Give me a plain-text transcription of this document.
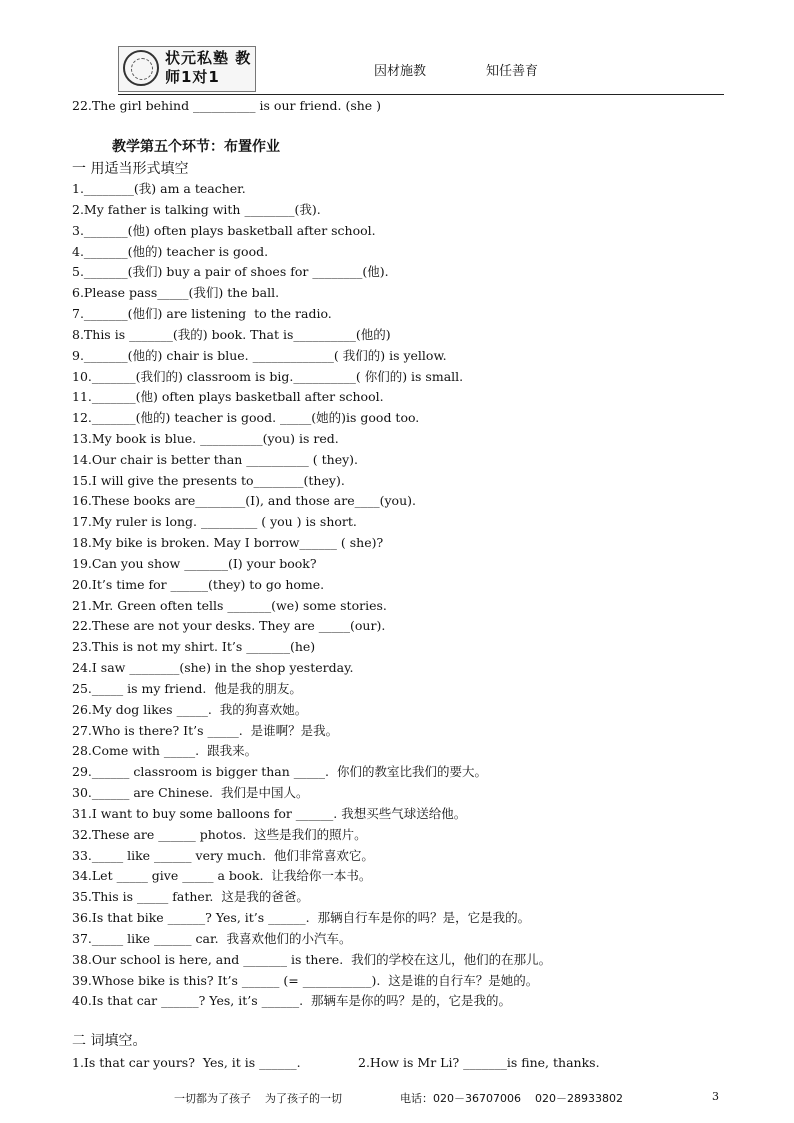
状元私塾 教师1对1	因材施教	知任善育
22.The girl behind __________ is our friend. (she )
教学第五个环节：布置作业
一 用适当形式填空
1.________(我) am a teacher.
2.My father is talking with ________(我).
3._______(他) often plays basketball after school.
4._______(他的) teacher is good.
5._______(我们) buy a pair of shoes for ________(他).
6.Please pass_____(我们) the ball.
7._______(他们) are listening  to the radio.
8.This is _______(我的) book. That is__________(他的)
9._______(他的) chair is blue. _____________( 我们的) is yellow.
10._______(我们的) classroom is big.__________( 你们的) is small.
11._______(他) often plays basketball after school.
12._______(他的) teacher is good. _____(她的)is good too.
13.My book is blue. __________(you) is red.
14.Our chair is better than __________ ( they).
15.I will give the presents to________(they).
16.These books are________(I), and those are____(you).
17.My ruler is long. _________ ( you ) is short.
18.My bike is broken. May I borrow______ ( she)?
19.Can you show _______(I) your book?
20.It’s time for ______(they) to go home.
21.Mr. Green often tells _______(we) some stories.
22.These are not your desks. They are _____(our).
23.This is not my shirt. It’s _______(he)
24.I saw ________(she) in the shop yesterday.
25._____ is my friend.  他是我的朋友。
26.My dog likes _____.  我的狗喜欢她。
27.Who is there? It’s _____.  是谁啊？是我。
28.Come with _____.  跟我来。
29.______ classroom is bigger than _____.  你们的教室比我们的要大。
30.______ are Chinese.  我们是中国人。
31.I want to buy some balloons for ______. 我想买些气球送给他。
32.These are ______ photos.  这些是我们的照片。
33._____ like ______ very much.  他们非常喜欢它。
34.Let _____ give _____ a book.  让我给你一本书。
35.This is _____ father.  这是我的爸爸。
36.Is that bike ______? Yes, it’s ______.  那辆自行车是你的吗？是，它是我的。
37._____ like ______ car.  我喜欢他们的小汽车。
38.Our school is here, and _______ is there.  我们的学校在这儿，他们的在那儿。
39.Whose bike is this? It’s ______ (= ___________).  这是谁的自行车？是她的。
40.Is that car ______? Yes, it’s ______.  那辆车是你的吗？是的，它是我的。
二 词填空。
1.Is that car yours?  Yes, it is ______.	2.How is Mr Li? _______is fine, thanks.
一切都为了孩子    为了孩子的一切	电话：020－36707006    020－28933802	3
